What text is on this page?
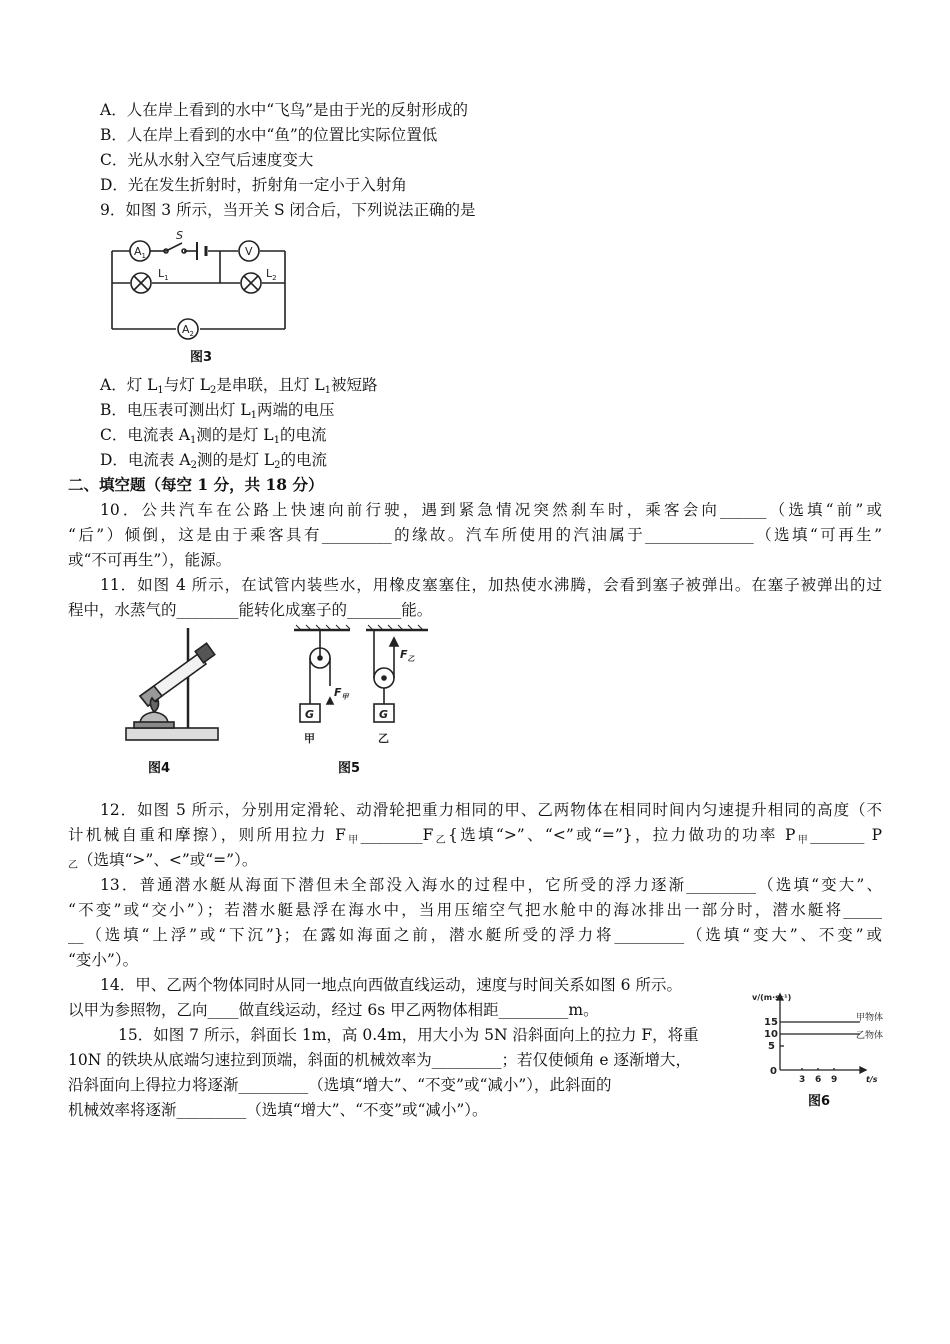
A．人在岸上看到的水中“飞鸟”是由于光的反射形成的
B．人在岸上看到的水中“鱼”的位置比实际位置低
C．光从水射入空气后速度变大
D．光在发生折射时，折射角一定小于入射角
9．如图 3 所示，当开关 S 闭合后，下列说法正确的是
$A_1$
S
V
$L_1$	$L_2$
$A_2$
图3
A．灯 $L_1$与灯 $L_2$是串联，且灯 $L_1$被短路
B．电压表可测出灯 $L_1$两端的电压
C．电流表 $A_1$测的是灯 $L_1$的电流
D．电流表 $A_2$测的是灯 $L_2$的电流
二、填空题（每空 1 分，共 18 分）
10．公共汽车在公路上快速向前行驶，遇到紧急情况突然刹车时，乘客会向______（选填“前”或
“后”）倾倒，这是由于乘客具有_________的缘故。汽车所使用的汽油属于______________（选填“可再生”
或“不可再生”），能源。
11．如图 4 所示，在试管内装些水，用橡皮塞塞住，加热使水沸腾，会看到塞子被弹出。在塞子被弹出的过
程中，水蒸气的________能转化成塞子的_______能。
图4
G	G
$F_甲$
$F_乙$
甲	乙
图5
12．如图 5 所示，分别用定滑轮、动滑轮把重力相同的甲、乙两物体在相同时间内匀速提升相同的高度（不
计机械自重和摩擦），则所用拉力 $F_甲\_\_\_\_\_\_\_\_F_乙${选填“>”、“<”或“=”}，拉力做功的功率 $P_甲\_\_\_\_\_\_\_$ P
$_乙$（选填“>”、<”或“=”）。
13．普通潜水艇从海面下潜但未全部没入海水的过程中，它所受的浮力逐渐_________（选填“变大”、
“不变”或“交小”）；若潜水艇悬浮在海水中，当用压缩空气把水舱中的海冰排出一部分时，潜水艇将_____
__（选填“上浮”或“下沉”}；在露如海面之前，潜水艇所受的浮力将_________（选填“变大”、不变”或
“变小”）。
14．甲、乙两个物体同时从同一地点向西做直线运动，速度与时间关系如图 6 所示。
以甲为参照物，乙向____做直线运动，经过 6s 甲乙两物体相距_________m。
15．如图 7 所示，斜面长 1m，高 0.4m，用大小为 5N 沿斜面向上的拉力 F，将重
10N 的铁块从底端匀速拉到顶端，斜面的机械效率为_________；若仅使倾角 e 逐渐增大，
沿斜面向上得拉力将逐渐_________（选填“增大”、“不变”或“减小”），此斜面的
机械效率将逐渐_________（选填“增大”、“不变”或“减小”）。
v/(m·s⁻¹)
t/s
15
10
5
0
3 6 9
甲物体
乙物体
图6
